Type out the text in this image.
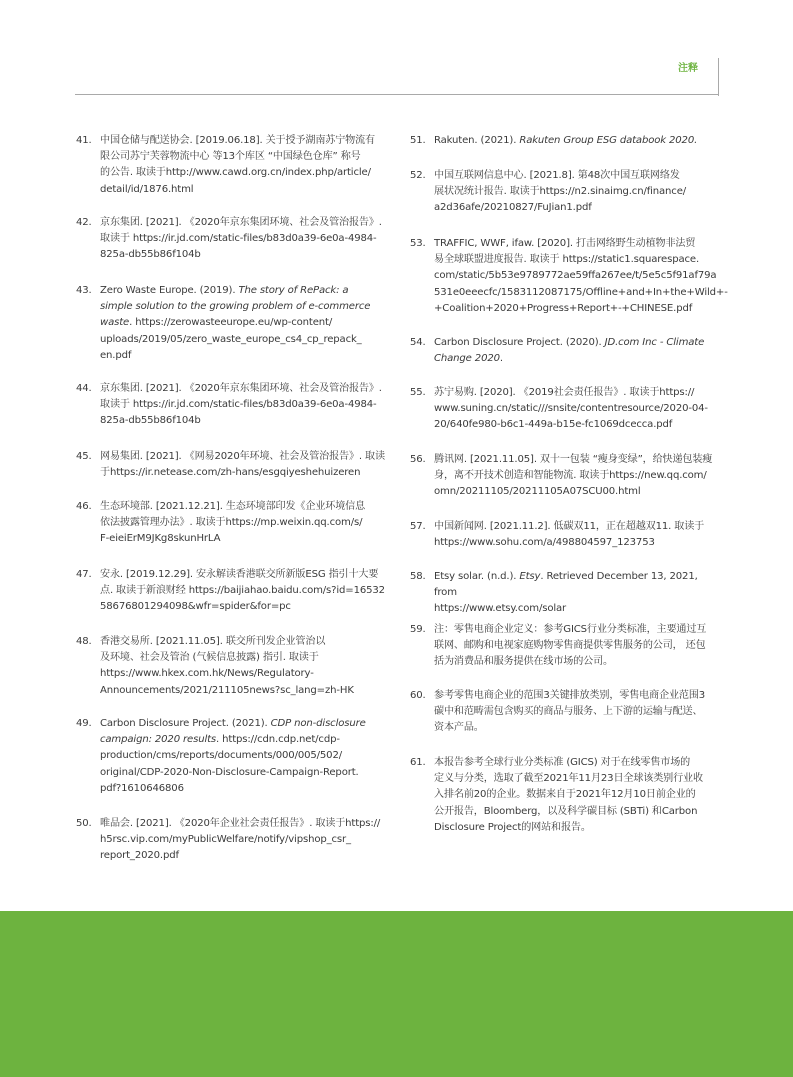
注释
41. 中国仓储与配送协会. [2019.06.18]. 关于授予湖南苏宁物流有
限公司苏宁芙蓉物流中心 等13个库区 “中国绿色仓库” 称号
的公告. 取读于http://www.cawd.org.cn/index.php/article/
detail/id/1876.html
42. 京东集团. [2021]. 《2020年京东集团环境、社会及管治报告》.
取读于 https://ir.jd.com/static-files/b83d0a39-6e0a-4984-
825a-db55b86f104b
43. Zero Waste Europe. (2019). The story of RePack: a
simple solution to the growing problem of e-commerce
waste. https://zerowasteeurope.eu/wp-content/
uploads/2019/05/zero_waste_europe_cs4_cp_repack_
en.pdf
44. 京东集团. [2021]. 《2020年京东集团环境、社会及管治报告》.
取读于 https://ir.jd.com/static-files/b83d0a39-6e0a-4984-
825a-db55b86f104b
45. 网易集团. [2021]. 《网易2020年环境、社会及管治报告》. 取读
于https://ir.netease.com/zh-hans/esgqiyeshehuizeren
46. 生态环境部. [2021.12.21]. 生态环境部印发《企业环境信息
依法披露管理办法》. 取读于https://mp.weixin.qq.com/s/
F-eieiErM9JKg8skunHrLA
47. 安永. [2019.12.29]. 安永解读香港联交所新版ESG 指引十大要
点. 取读于新浪财经 https://baijiahao.baidu.com/s?id=16532
58676801294098&wfr=spider&for=pc
48. 香港交易所. [2021.11.05]. 联交所刊发企业管治以
及环境、社会及管治 (气候信息披露) 指引. 取读于
https://www.hkex.com.hk/News/Regulatory-
Announcements/2021/211105news?sc_lang=zh-HK
49. Carbon Disclosure Project. (2021). CDP non-disclosure
campaign: 2020 results. https://cdn.cdp.net/cdp-
production/cms/reports/documents/000/005/502/
original/CDP-2020-Non-Disclosure-Campaign-Report.
pdf?1610646806
50. 唯品会. [2021]. 《2020年企业社会责任报告》. 取读于https://
h5rsc.vip.com/myPublicWelfare/notify/vipshop_csr_
report_2020.pdf
51. Rakuten. (2021). Rakuten Group ESG databook 2020.
52. 中国互联网信息中心. [2021.8]. 第48次中国互联网络发
展状况统计报告. 取读于https://n2.sinaimg.cn/finance/
a2d36afe/20210827/FuJian1.pdf
53. TRAFFIC, WWF, ifaw. [2020]. 打击网络野生动植物非法贸
易全球联盟进度报告. 取读于 https://static1.squarespace.
com/static/5b53e9789772ae59ffa267ee/t/5e5c5f91af79a
531e0eeecfc/1583112087175/Offline+and+In+the+Wild+-
+Coalition+2020+Progress+Report+-+CHINESE.pdf
54. Carbon Disclosure Project. (2020). JD.com Inc - Climate
Change 2020.
55. 苏宁易购. [2020]. 《2019社会责任报告》. 取读于https://
www.suning.cn/static///snsite/contentresource/2020-04-
20/640fe980-b6c1-449a-b15e-fc1069dcecca.pdf
56. 腾讯网. [2021.11.05]. 双十一包装 “瘦身变绿”，给快递包装瘦
身，离不开技术创造和智能物流. 取读于https://new.qq.com/
omn/20211105/20211105A07SCU00.html
57. 中国新闻网. [2021.11.2]. 低碳双11，正在超越双11. 取读于
https://www.sohu.com/a/498804597_123753
58. Etsy solar. (n.d.). Etsy. Retrieved December 13, 2021, from
https://www.etsy.com/solar
59. 注：零售电商企业定义：参考GICS行业分类标准，主要通过互
联网、邮购和电视家庭购物零售商提供零售服务的公司， 还包
括为消费品和服务提供在线市场的公司。
60. 参考零售电商企业的范围3关键排放类别，零售电商企业范围3
碳中和范畴需包含购买的商品与服务、上下游的运输与配送、
资本产品。
61. 本报告参考全球行业分类标准 (GICS) 对于在线零售市场的
定义与分类，选取了截至2021年11月23日全球该类别行业收
入排名前20的企业。数据来自于2021年12月10日前企业的
公开报告，Bloomberg，以及科学碳目标 (SBTi) 和Carbon
Disclosure Project的网站和报告。
